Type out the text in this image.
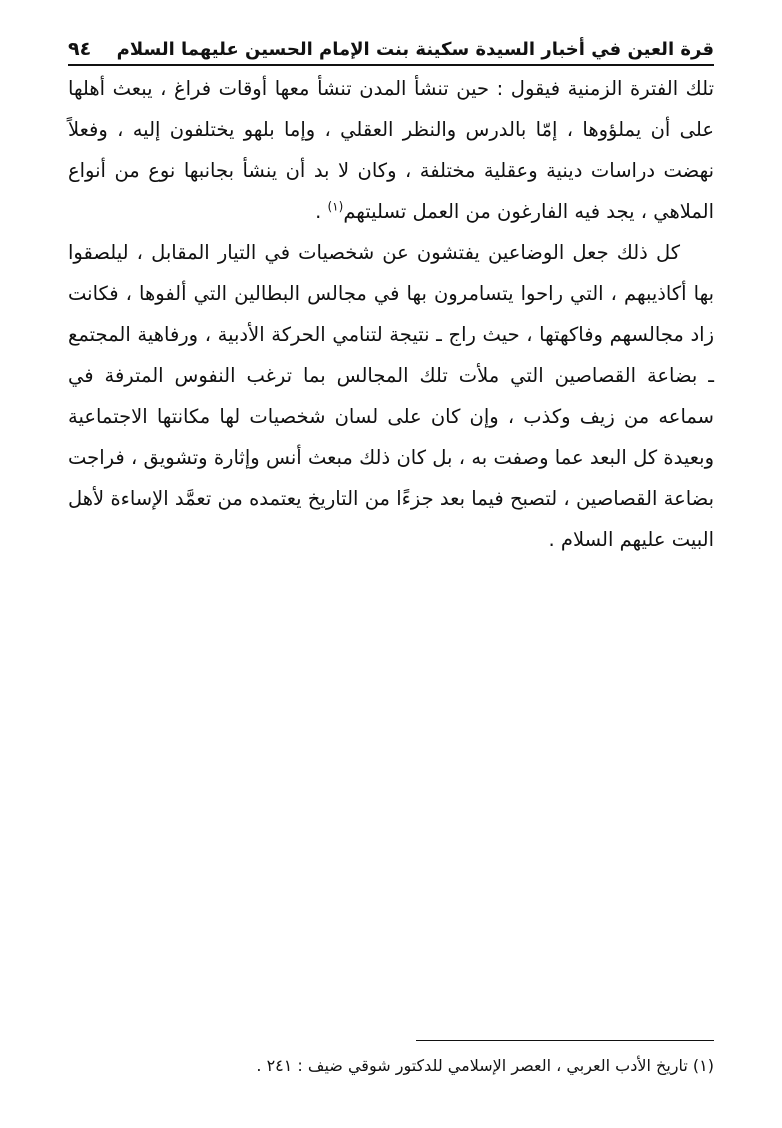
قرة العين في أخبار السيدة سكينة بنت الإمام الحسين عليهما السلام
٩٤

تلك الفترة الزمنية فيقول : حين تنشأ المدن تنشأ معها أوقات فراغ ، يبعث أهلها على أن يملؤوها ، إمّا بالدرس والنظر العقلي ، وإما بلهو يختلفون إليه ، وفعلاً نهضت دراسات دينية وعقلية مختلفة ، وكان لا بد أن ينشأ بجانبها نوع من أنواع الملاهي ، يجد فيه الفارغون من العمل تسليتهم$^{(١)}$ .

كل ذلك جعل الوضاعين يفتشون عن شخصيات في التيار المقابل ، ليلصقوا بها أكاذيبهم ، التي راحوا يتسامرون بها في مجالس البطالين التي ألفوها ، فكانت زاد مجالسهم وفاكهتها ، حيث راج ـ نتيجة لتنامي الحركة الأدبية ، ورفاهية المجتمع ـ بضاعة القصاصين التي ملأت تلك المجالس بما ترغب النفوس المترفة في سماعه من زيف وكذب ، وإن كان على لسان شخصيات لها مكانتها الاجتماعية وبعيدة كل البعد عما وصفت به ، بل كان ذلك مبعث أنس وإثارة وتشويق ، فراجت بضاعة القصاصين ، لتصبح فيما بعد جزءًا من التاريخ يعتمده من تعمَّد الإساءة لأهل البيت عليهم السلام .

(١) تاريخ الأدب العربي ، العصر الإسلامي للدكتور شوقي ضيف : ٢٤١ .
